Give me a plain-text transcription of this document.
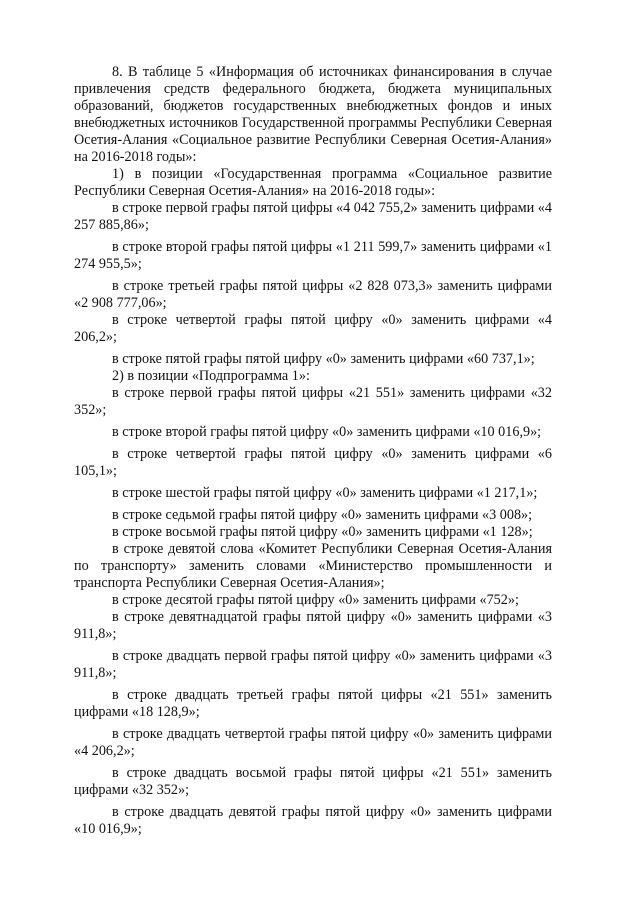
8. В таблице 5 «Информация об источниках финансирования в случае привлечения средств федерального бюджета, бюджета муниципальных образований, бюджетов государственных внебюджетных фондов и иных внебюджетных источников Государственной программы Республики Северная Осетия-Алания «Социальное развитие Республики Северная Осетия-Алания» на 2016-2018 годы»:

1) в позиции «Государственная программа «Социальное развитие Республики Северная Осетия-Алания» на 2016-2018 годы»:

в строке первой графы пятой цифры «4 042 755,2» заменить цифрами «4 257 885,86»;

в строке второй графы пятой цифры «1 211 599,7» заменить цифрами «1 274 955,5»;

в строке третьей графы пятой цифры «2 828 073,3» заменить цифрами «2 908 777,06»;

в строке четвертой графы пятой цифру «0» заменить цифрами «4 206,2»;

в строке пятой графы пятой цифру «0» заменить цифрами «60 737,1»;

2) в позиции «Подпрограмма 1»:

в строке первой графы пятой цифры «21 551» заменить цифрами «32 352»;

в строке второй графы пятой цифру «0» заменить цифрами «10 016,9»;

в строке четвертой графы пятой цифру «0» заменить цифрами «6 105,1»;

в строке шестой графы пятой цифру «0» заменить цифрами «1 217,1»;

в строке седьмой графы пятой цифру «0» заменить цифрами «3 008»;

в строке восьмой графы пятой цифру «0» заменить цифрами «1 128»;

в строке девятой слова «Комитет Республики Северная Осетия-Алания по транспорту» заменить словами «Министерство промышленности и транспорта Республики Северная Осетия-Алания»;

в строке десятой графы пятой цифру «0» заменить цифрами «752»;

в строке девятнадцатой графы пятой цифру «0» заменить цифрами «3 911,8»;

в строке двадцать первой графы пятой цифру «0» заменить цифрами «3 911,8»;

в строке двадцать третьей графы пятой цифры «21 551» заменить цифрами «18 128,9»;

в строке двадцать четвертой графы пятой цифру «0» заменить цифрами «4 206,2»;

в строке двадцать восьмой графы пятой цифры «21 551» заменить цифрами «32 352»;

в строке двадцать девятой графы пятой цифру «0» заменить цифрами «10 016,9»;
